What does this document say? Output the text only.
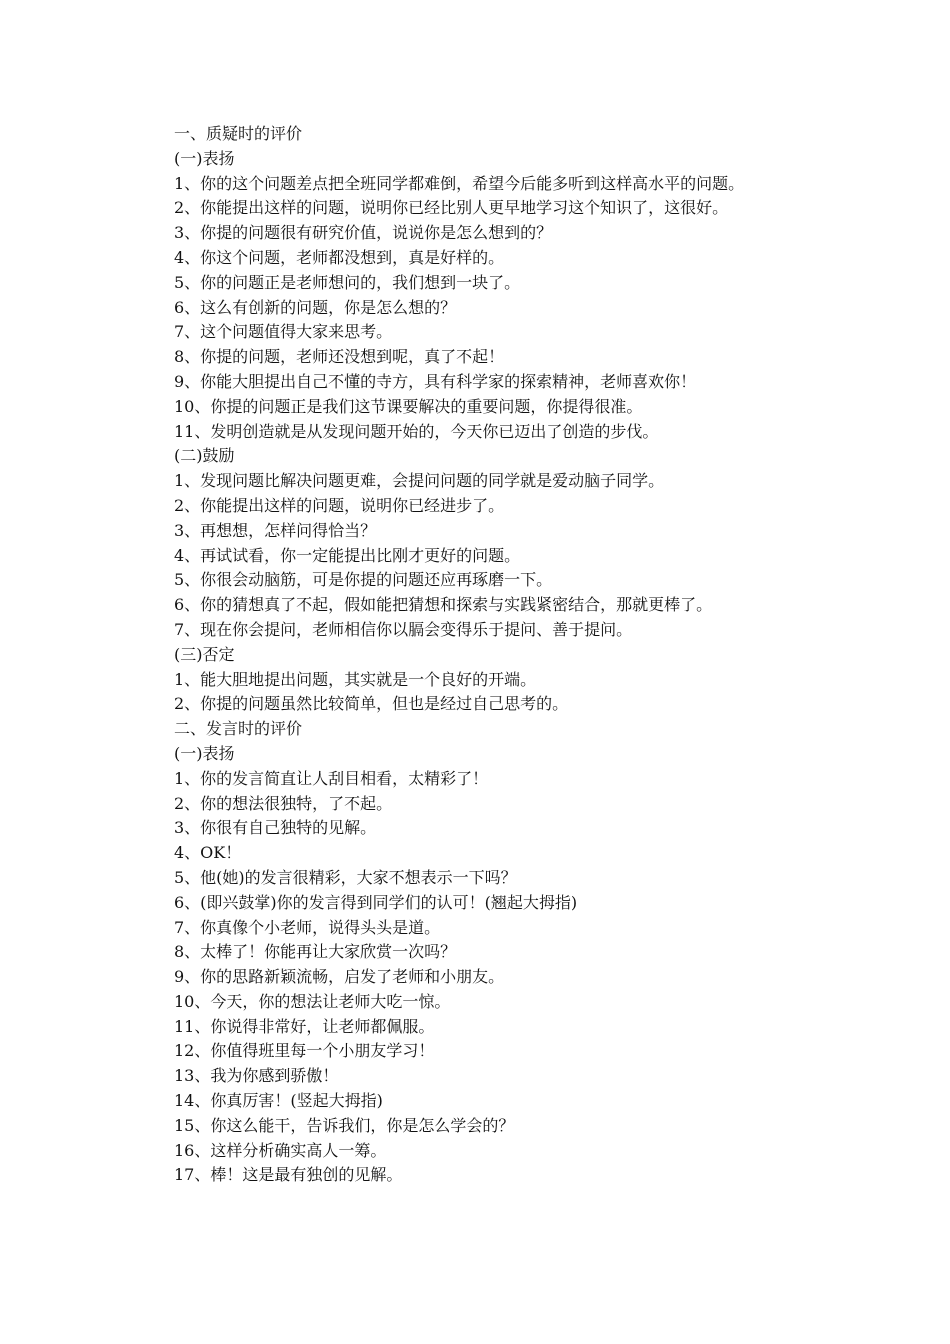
一、质疑时的评价

(一)表扬

1、你的这个问题差点把全班同学都难倒，希望今后能多听到这样高水平的问题。

2、你能提出这样的问题，说明你已经比别人更早地学习这个知识了，这很好。

3、你提的问题很有研究价值，说说你是怎么想到的？

4、你这个问题，老师都没想到，真是好样的。

5、你的问题正是老师想问的，我们想到一块了。

6、这么有创新的问题，你是怎么想的？

7、这个问题值得大家来思考。

8、你提的问题，老师还没想到呢，真了不起！

9、你能大胆提出自己不懂的寺方，具有科学家的探索精神，老师喜欢你！

10、你提的问题正是我们这节课要解决的重要问题，你提得很准。

11、发明创造就是从发现问题开始的，今天你已迈出了创造的步伐。

(二)鼓励

1、发现问题比解决问题更难，会提问问题的同学就是爱动脑子同学。

2、你能提出这样的问题，说明你已经进步了。

3、再想想，怎样问得恰当？

4、再试试看，你一定能提出比刚才更好的问题。

5、你很会动脑筋，可是你提的问题还应再琢磨一下。

6、你的猜想真了不起，假如能把猜想和探索与实践紧密结合，那就更棒了。

7、现在你会提问，老师相信你以膈会变得乐于提问、善于提问。

(三)否定

1、能大胆地提出问题，其实就是一个良好的开端。

2、你提的问题虽然比较简单，但也是经过自己思考的。

二、发言时的评价

(一)表扬

1、你的发言简直让人刮目相看，太精彩了！

2、你的想法很独特，了不起。

3、你很有自己独特的见解。

4、OK！

5、他(她)的发言很精彩，大家不想表示一下吗？

6、(即兴鼓掌)你的发言得到同学们的认可！(翘起大拇指)

7、你真像个小老师，说得头头是道。

8、太棒了！你能再让大家欣赏一次吗？

9、你的思路新颖流畅，启发了老师和小朋友。

10、今天，你的想法让老师大吃一惊。

11、你说得非常好，让老师都佩服。

12、你值得班里每一个小朋友学习！

13、我为你感到骄傲！

14、你真厉害！(竖起大拇指)

15、你这么能干，告诉我们，你是怎么学会的？

16、这样分析确实高人一筹。

17、棒！这是最有独创的见解。
